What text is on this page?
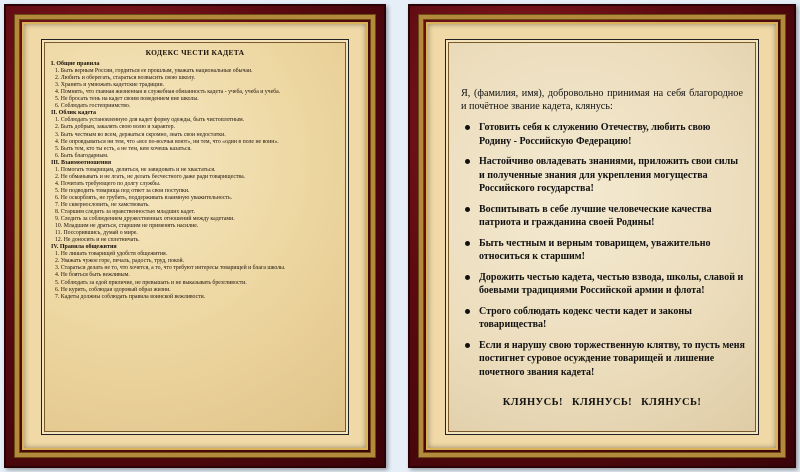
КОДЕКС ЧЕСТИ КАДЕТА
I. Общие правила
1. Быть верным России, гордиться ее прошлым, уважать национальные обычаи.
2. Любить и оберегать, стараться возвысить свою школу.
3. Хранить и умножать кадетские традиции.
4. Помнить, что главная жизненная и служебная обязанность кадета - учеба, учеба и учеба.
5. Не бросать тень на кадет своим поведением вне школы.
6. Соблюдать гостеприимство.
II. Облик кадета
1. Соблюдать установленную для кадет форму одежды, быть чистоплотным.
2. Быть добрым, закалять свою волю и характер.
3. Быть честным во всем, держаться скромно, знать свои недостатки.
4. Не опровдываться ни тем, что «все по-волчьи воют», ни тем, что «один в поле не воин».
5. Быть тем, кто ты есть, а не тем, кем хочешь казаться.
6. Быть благодарным.
III. Взаимоотношения
1. Помогать товарищам, делиться, не завидовать и не хвастаться.
2. Не обманывать и не лгать, не делать бесчестного даже ради товарищества.
4. Почитать требующего по долгу службы.
5. Не подводить товарища под ответ за свои поступки.
6. Не оскорблять, не грубить, поддерживать взаимную уважительность.
7. Не сквернословить, не хамствовать.
8. Старшим следить за нравственностью младших кадет.
9. Следить за соблюдением дружественных отношений между кадетами.
10. Младшим не драться, старшим не применять насилие.
11. Поссорившись, думай о мире.
12. Не доносить и не сплетничать.
IV. Правила общежития
1. Не лишать товарищей удобств общежития.
2. Уважать чужое горе, печаль, радость, труд, покой.
3. Стараться делать не то, что хочется, а то, что требуют интересы товарищей и блага школы.
4. Не бояться быть вежливым.
5. Соблюдать за едой приличие, не превышать и не выказывать брезгливости.
6. Не курить, соблюдая здоровый образ жизни.
7. Кадеты должны соблюдать правила воинской вежливости.
Я, (фамилия, имя), добровольно принимая на себя благородное и почётное звание кадета, клянусь:
Готовить себя к служению Отечеству, любить свою Родину - Российскую Федерацию!
Настойчиво овладевать знаниями, приложить свои силы и полученные знания для укрепления могущества Российского государства!
Воспитывать в себе лучшие человеческие качества патриота и гражданина своей Родины!
Быть честным и верным товарищем, уважительно относиться к старшим!
Дорожить честью кадета, честью взвода, школы, славой и боевыми традициями Российской армии и флота!
Строго соблюдать кодекс чести кадет и законы товарищества!
Если я нарушу свою торжественную клятву, то пусть меня постигнет суровое осуждение товарищей и лишение почетного звания кадета!
КЛЯНУСЬ!   КЛЯНУСЬ!   КЛЯНУСЬ!
